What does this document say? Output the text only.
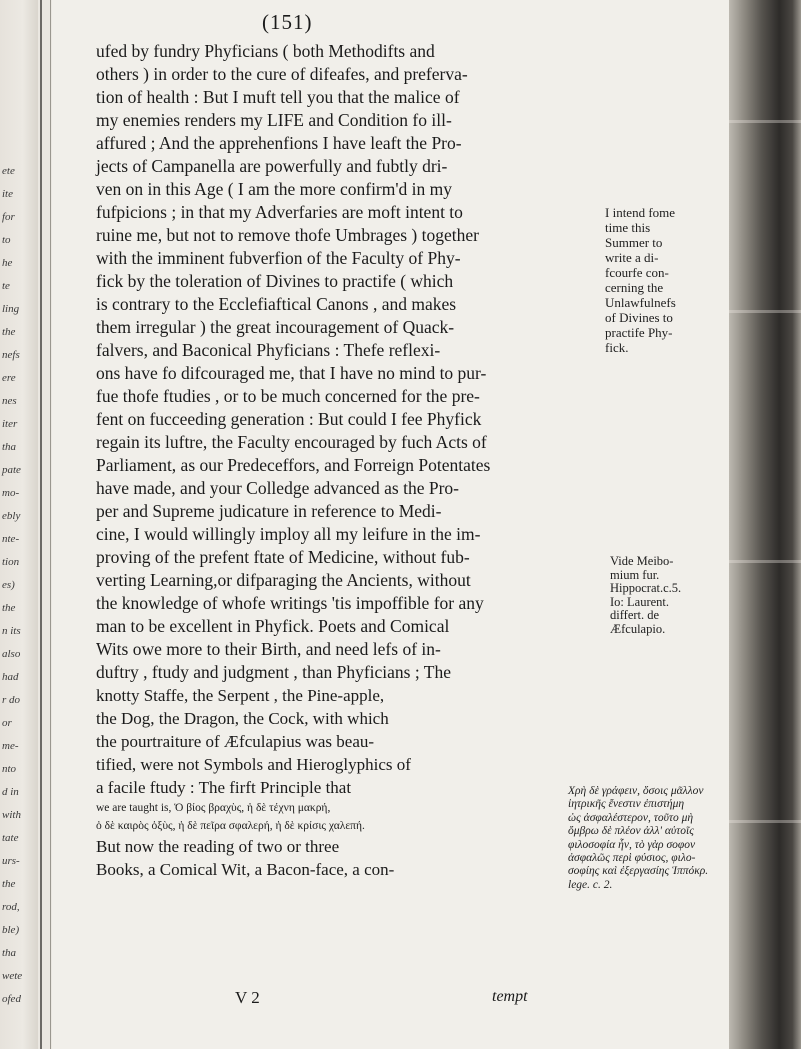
ete
ite
for
to
he
te
ling
the
nefs
ere
nes
iter
tha
pate
mo-
ebly
nte-
tion
es)
the
n its
also
had
r do
or
me-
nto
d in
with
tate
urs-
the
rod,
ble)
tha
wete
ofed
(151)
ufed by fundry Phyficians ( both Methodifts and
others ) in order to the cure of difeafes, and preferva-
tion of health : But I muft tell you that the malice of
my enemies renders my LIFE and Condition fo ill-
affured ; And the apprehenfions I have leaft the Pro-
jects of Campanella are powerfully and fubtly dri-
ven on in this Age ( I am the more confirm'd in my
fufpicions ; in that my Adverfaries are moft intent to
ruine me, but not to remove thofe Umbrages ) together
with the imminent fubverfion of the Faculty of Phy-
fick by the toleration of Divines to practife ( which
is contrary to the Ecclefiaftical Canons , and makes
them irregular ) the great incouragement of Quack-
falvers, and Baconical Phyficians : Thefe reflexi-
ons have fo difcouraged me, that I have no mind to pur-
fue thofe ftudies , or to be much concerned for the pre-
fent on fucceeding generation : But could I fee Phyfick
regain its luftre, the Faculty encouraged by fuch Acts of
Parliament, as our Predeceffors, and Forreign Potentates
have made, and your Colledge advanced as the Pro-
per and Supreme judicature in reference to Medi-
cine, I would willingly imploy all my leifure in the im-
proving of the prefent ftate of Medicine, without fub-
verting Learning,or difparaging the Ancients, without
the knowledge of whofe writings 'tis impoffible for any
man to be excellent in Phyfick. Poets and Comical
Wits owe more to their Birth, and need lefs of in-
duftry , ftudy and judgment , than Phyficians ; The
knotty Staffe, the Serpent , the Pine-apple,
the Dog, the Dragon, the Cock, with which
the pourtraiture of Æfculapius was beau-
tified, were not Symbols and Hieroglyphics of
a facile ftudy : The firft Principle that
we are taught is, Ὁ βίος βραχὺς, ἡ δὲ τέχνη μακρή,
ὁ δὲ καιρὸς ὀξὺς, ἡ δὲ πεῖρα σφαλερή, ἡ δὲ κρίσις χαλεπή.
But now the reading of two or three
Books, a Comical Wit, a Bacon-face, a con-
I intend fome
time this
Summer to
write a di-
fcourfe con-
cerning the
Unlawfulnefs
of Divines to
practife Phy-
fick.
Vide Meibo-
mium fur.
Hippocrat.c.5.
Io: Laurent.
differt. de
Æfculapio.
Χρὴ δὲ γράφειν, ὅσοις μᾶλλον
ἰητρικῆς ἔνεστιν ἐπιστήμη
ὡς ἀσφαλέστερον, τοῦτο μὴ
ὄμβρω δὲ πλέον ἀλλ' αὐτοῖς
φιλοσοφία ἦν, τὸ γὰρ σοφον
ἀσφαλῶς περὶ φύσιος, φιλο-
σοφίης καὶ ἐξεργασίης Ἱππόκρ.
lege. c. 2.
V 2	tempt
